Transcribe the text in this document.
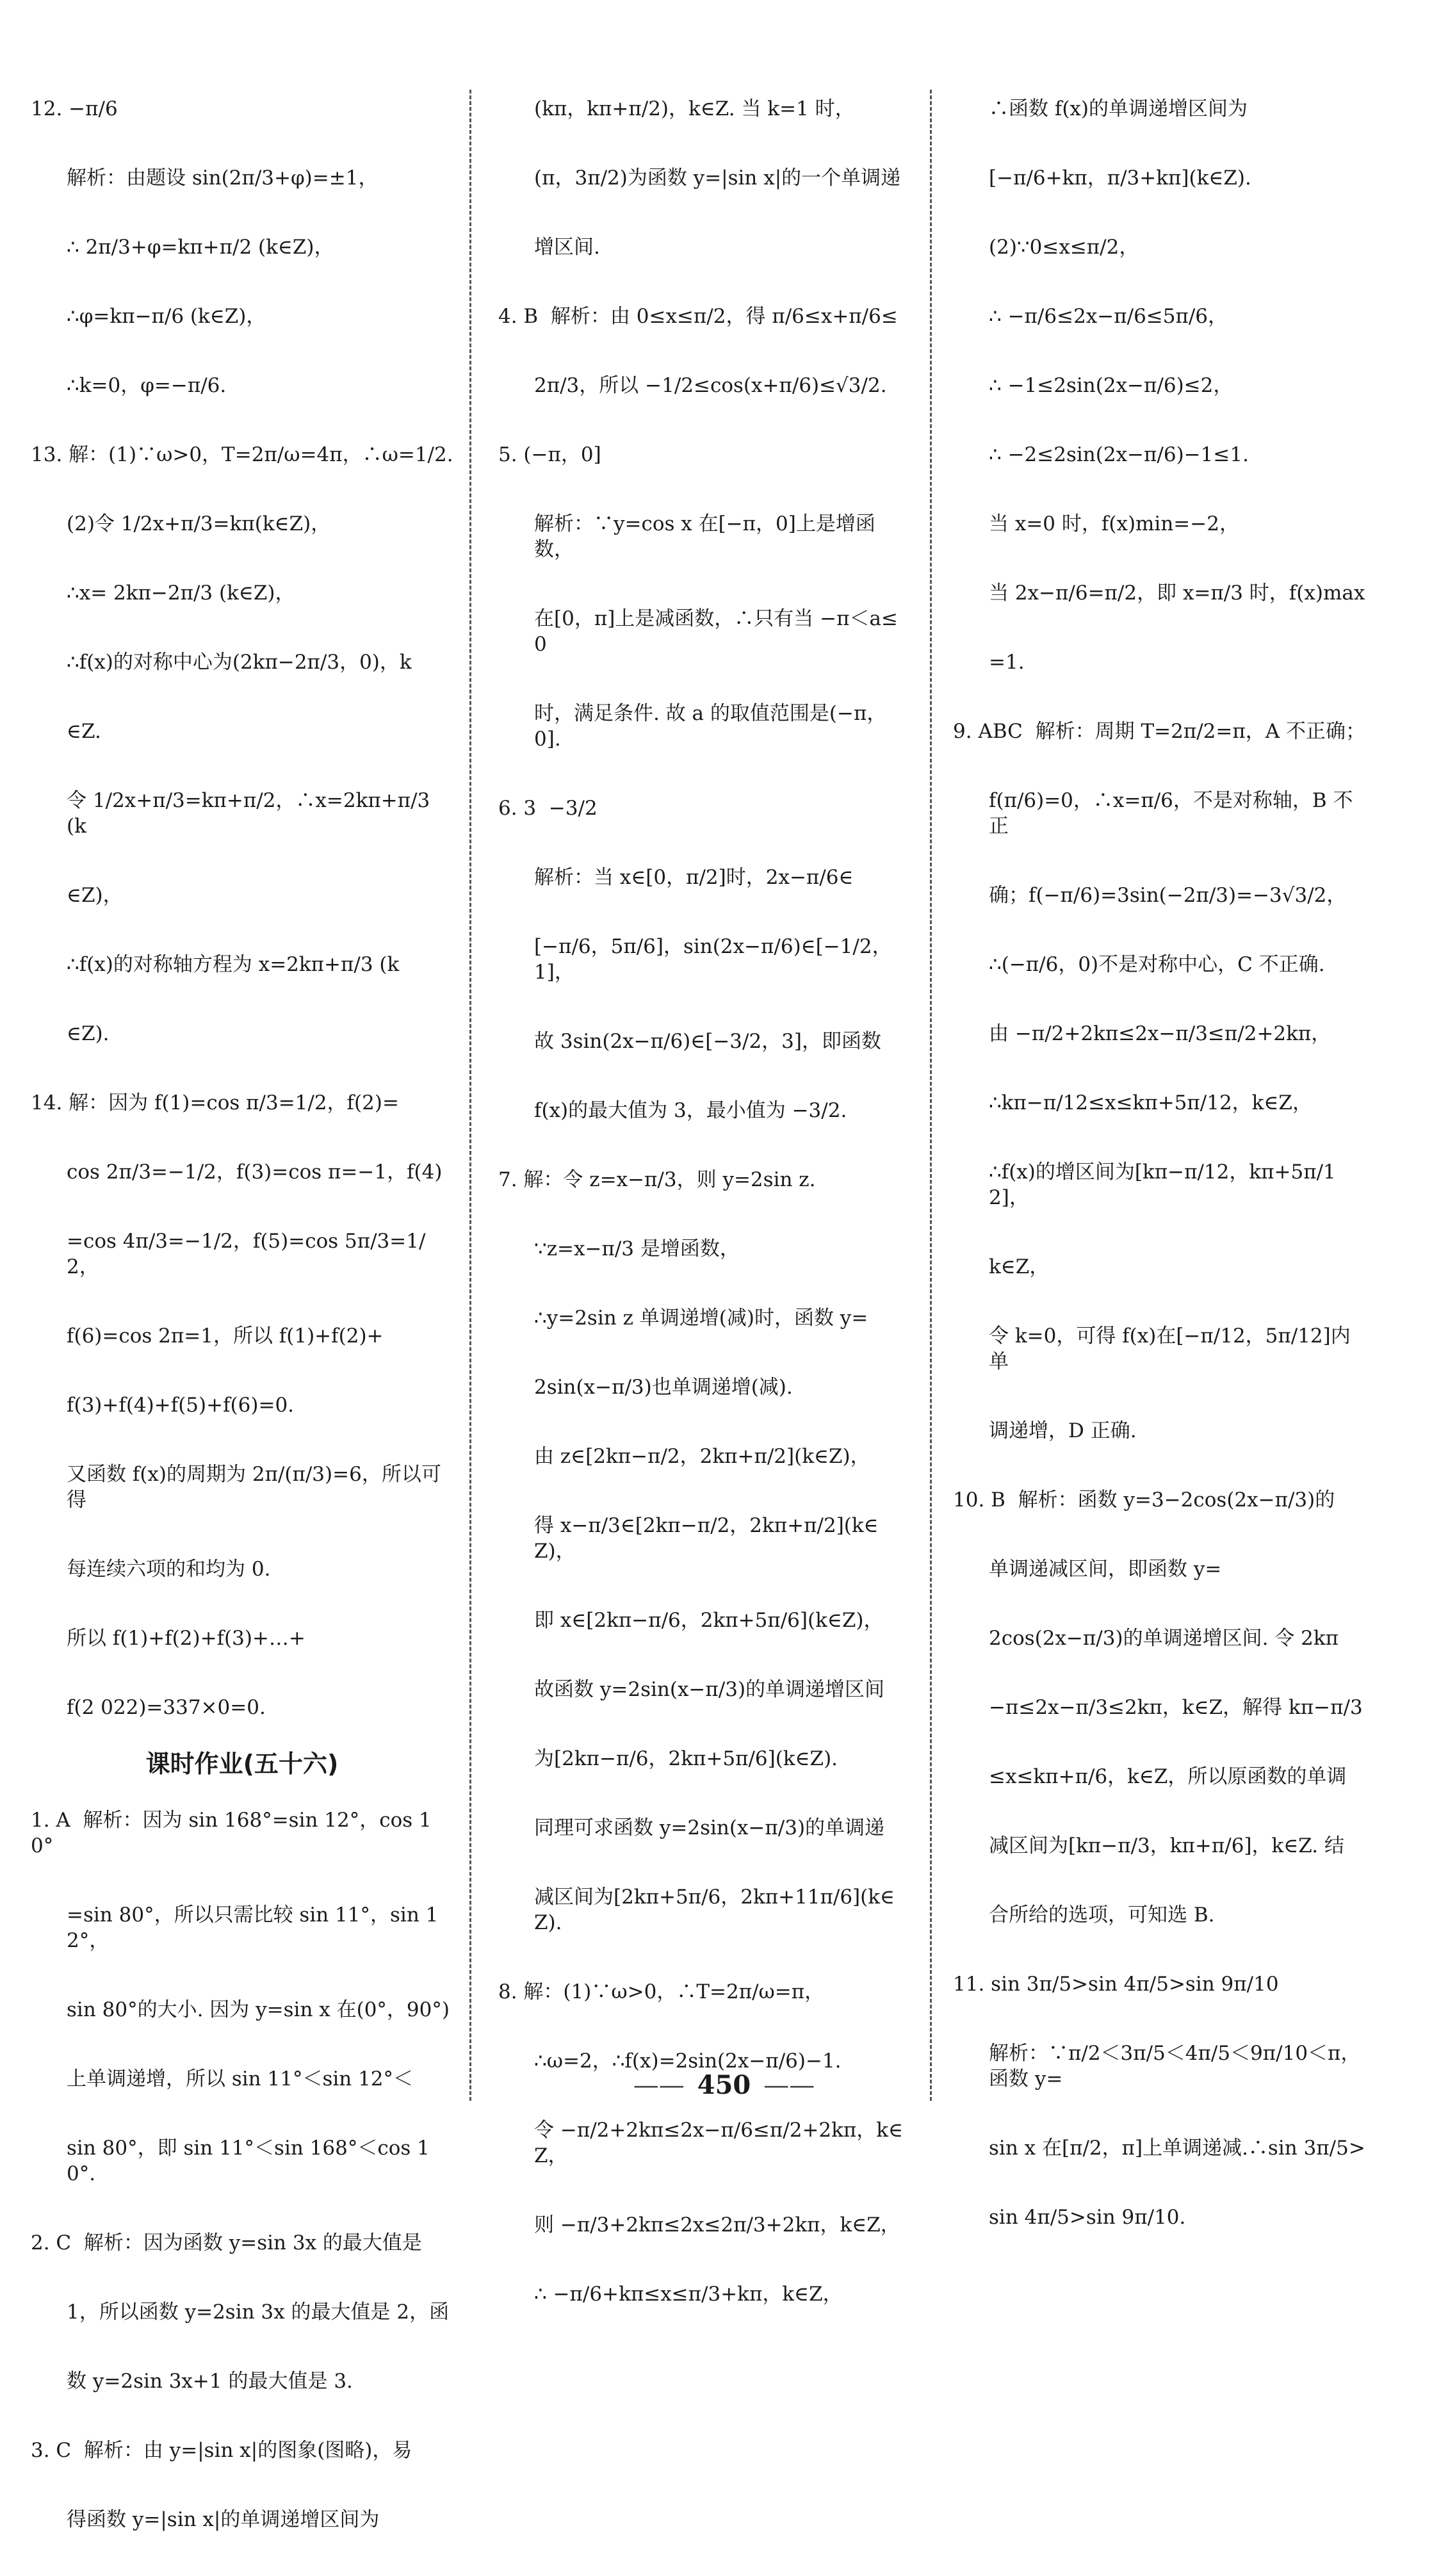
12. −π/6
解析：由题设 sin(2π/3+φ)=±1，
∴ 2π/3+φ=kπ+π/2 (k∈Z)，
∴φ=kπ−π/6 (k∈Z)，
∴k=0，φ=−π/6.
13. 解：(1)∵ω>0，T=2π/ω=4π，∴ω=1/2.
(2)令 1/2x+π/3=kπ(k∈Z)，
∴x= 2kπ−2π/3 (k∈Z)，
∴f(x)的对称中心为(2kπ−2π/3，0)，k
∈Z.
令 1/2x+π/3=kπ+π/2，∴x=2kπ+π/3 (k
∈Z)，
∴f(x)的对称轴方程为 x=2kπ+π/3 (k
∈Z).
14. 解：因为 f(1)=cos π/3=1/2，f(2)=
cos 2π/3=−1/2，f(3)=cos π=−1，f(4)
=cos 4π/3=−1/2，f(5)=cos 5π/3=1/2，
f(6)=cos 2π=1，所以 f(1)+f(2)+
f(3)+f(4)+f(5)+f(6)=0.
又函数 f(x)的周期为 2π/(π/3)=6，所以可得
每连续六项的和均为 0.
所以 f(1)+f(2)+f(3)+…+
f(2 022)=337×0=0.
课时作业(五十六)
1. A  解析：因为 sin 168°=sin 12°，cos 10°
=sin 80°，所以只需比较 sin 11°，sin 12°，
sin 80°的大小. 因为 y=sin x 在(0°，90°)
上单调递增，所以 sin 11°＜sin 12°＜
sin 80°，即 sin 11°＜sin 168°＜cos 10°.
2. C  解析：因为函数 y=sin 3x 的最大值是
1，所以函数 y=2sin 3x 的最大值是 2，函
数 y=2sin 3x+1 的最大值是 3.
3. C  解析：由 y=|sin x|的图象(图略)，易
得函数 y=|sin x|的单调递增区间为
(kπ，kπ+π/2)，k∈Z. 当 k=1 时，
(π，3π/2)为函数 y=|sin x|的一个单调递
增区间.
4. B  解析：由 0≤x≤π/2，得 π/6≤x+π/6≤
2π/3，所以 −1/2≤cos(x+π/6)≤√3/2.
5. (−π，0]
解析：∵y=cos x 在[−π，0]上是增函数，
在[0，π]上是减函数，∴只有当 −π＜a≤0
时，满足条件. 故 a 的取值范围是(−π，0].
6. 3  −3/2
解析：当 x∈[0，π/2]时，2x−π/6∈
[−π/6，5π/6]，sin(2x−π/6)∈[−1/2，1]，
故 3sin(2x−π/6)∈[−3/2，3]，即函数
f(x)的最大值为 3，最小值为 −3/2.
7. 解：令 z=x−π/3，则 y=2sin z.
∵z=x−π/3 是增函数，
∴y=2sin z 单调递增(减)时，函数 y=
2sin(x−π/3)也单调递增(减).
由 z∈[2kπ−π/2，2kπ+π/2](k∈Z)，
得 x−π/3∈[2kπ−π/2，2kπ+π/2](k∈Z)，
即 x∈[2kπ−π/6，2kπ+5π/6](k∈Z)，
故函数 y=2sin(x−π/3)的单调递增区间
为[2kπ−π/6，2kπ+5π/6](k∈Z).
同理可求函数 y=2sin(x−π/3)的单调递
减区间为[2kπ+5π/6，2kπ+11π/6](k∈Z).
8. 解：(1)∵ω>0，∴T=2π/ω=π，
∴ω=2，∴f(x)=2sin(2x−π/6)−1.
令 −π/2+2kπ≤2x−π/6≤π/2+2kπ，k∈Z，
则 −π/3+2kπ≤2x≤2π/3+2kπ，k∈Z，
∴ −π/6+kπ≤x≤π/3+kπ，k∈Z，
∴函数 f(x)的单调递增区间为
[−π/6+kπ，π/3+kπ](k∈Z).
(2)∵0≤x≤π/2，
∴ −π/6≤2x−π/6≤5π/6，
∴ −1≤2sin(2x−π/6)≤2，
∴ −2≤2sin(2x−π/6)−1≤1.
当 x=0 时，f(x)min=−2，
当 2x−π/6=π/2，即 x=π/3 时，f(x)max
=1.
9. ABC  解析：周期 T=2π/2=π，A 不正确；
f(π/6)=0，∴x=π/6，不是对称轴，B 不正
确；f(−π/6)=3sin(−2π/3)=−3√3/2，
∴(−π/6，0)不是对称中心，C 不正确.
由 −π/2+2kπ≤2x−π/3≤π/2+2kπ，
∴kπ−π/12≤x≤kπ+5π/12，k∈Z，
∴f(x)的增区间为[kπ−π/12，kπ+5π/12]，
k∈Z，
令 k=0，可得 f(x)在[−π/12，5π/12]内单
调递增，D 正确.
10. B  解析：函数 y=3−2cos(2x−π/3)的
单调递减区间，即函数 y=
2cos(2x−π/3)的单调递增区间. 令 2kπ
−π≤2x−π/3≤2kπ，k∈Z，解得 kπ−π/3
≤x≤kπ+π/6，k∈Z，所以原函数的单调
减区间为[kπ−π/3，kπ+π/6]，k∈Z. 结
合所给的选项，可知选 B.
11. sin 3π/5>sin 4π/5>sin 9π/10
解析：∵π/2＜3π/5＜4π/5＜9π/10＜π，函数 y=
sin x 在[π/2，π]上单调递减.∴sin 3π/5>
sin 4π/5>sin 9π/10.
—— 450 ——
